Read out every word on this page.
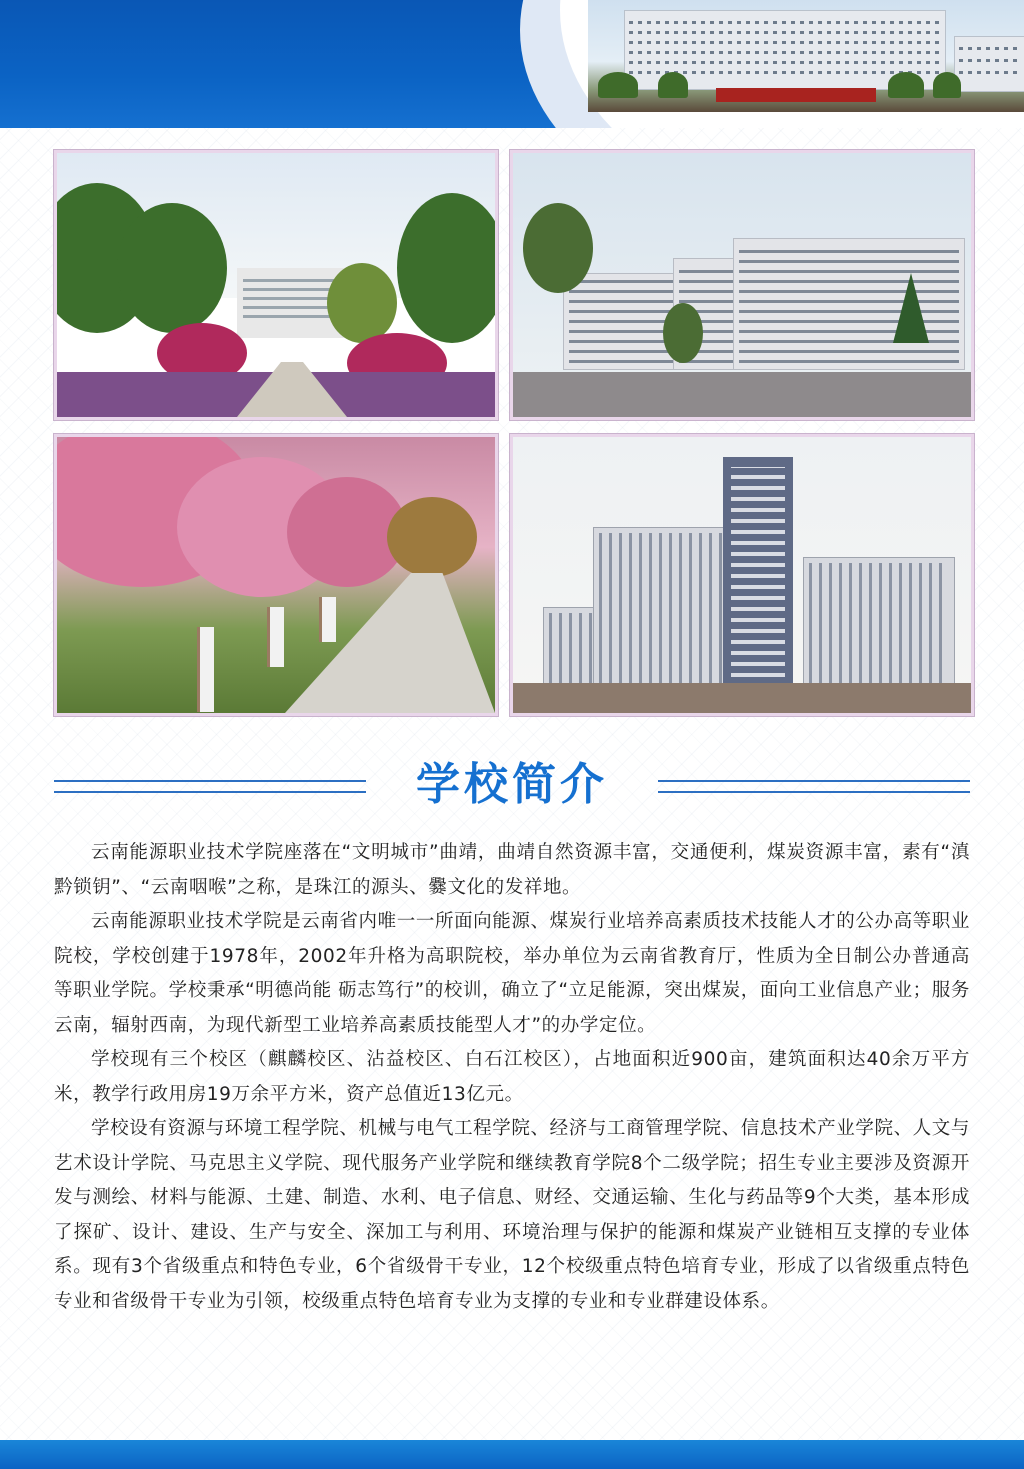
学校简介

云南能源职业技术学院座落在“文明城市”曲靖，曲靖自然资源丰富，交通便利，煤炭资源丰富，素有“滇黔锁钥”、“云南咽喉”之称，是珠江的源头、爨文化的发祥地。

云南能源职业技术学院是云南省内唯一一所面向能源、煤炭行业培养高素质技术技能人才的公办高等职业院校，学校创建于1978年，2002年升格为高职院校，举办单位为云南省教育厅，性质为全日制公办普通高等职业学院。学校秉承“明德尚能 砺志笃行”的校训，确立了“立足能源，突出煤炭，面向工业信息产业；服务云南，辐射西南，为现代新型工业培养高素质技能型人才”的办学定位。

学校现有三个校区（麒麟校区、沾益校区、白石江校区），占地面积近900亩，建筑面积达40余万平方米，教学行政用房19万余平方米，资产总值近13亿元。

学校设有资源与环境工程学院、机械与电气工程学院、经济与工商管理学院、信息技术产业学院、人文与艺术设计学院、马克思主义学院、现代服务产业学院和继续教育学院8个二级学院；招生专业主要涉及资源开发与测绘、材料与能源、土建、制造、水利、电子信息、财经、交通运输、生化与药品等9个大类，基本形成了探矿、设计、建设、生产与安全、深加工与利用、环境治理与保护的能源和煤炭产业链相互支撑的专业体系。现有3个省级重点和特色专业，6个省级骨干专业，12个校级重点特色培育专业，形成了以省级重点特色专业和省级骨干专业为引领，校级重点特色培育专业为支撑的专业和专业群建设体系。
